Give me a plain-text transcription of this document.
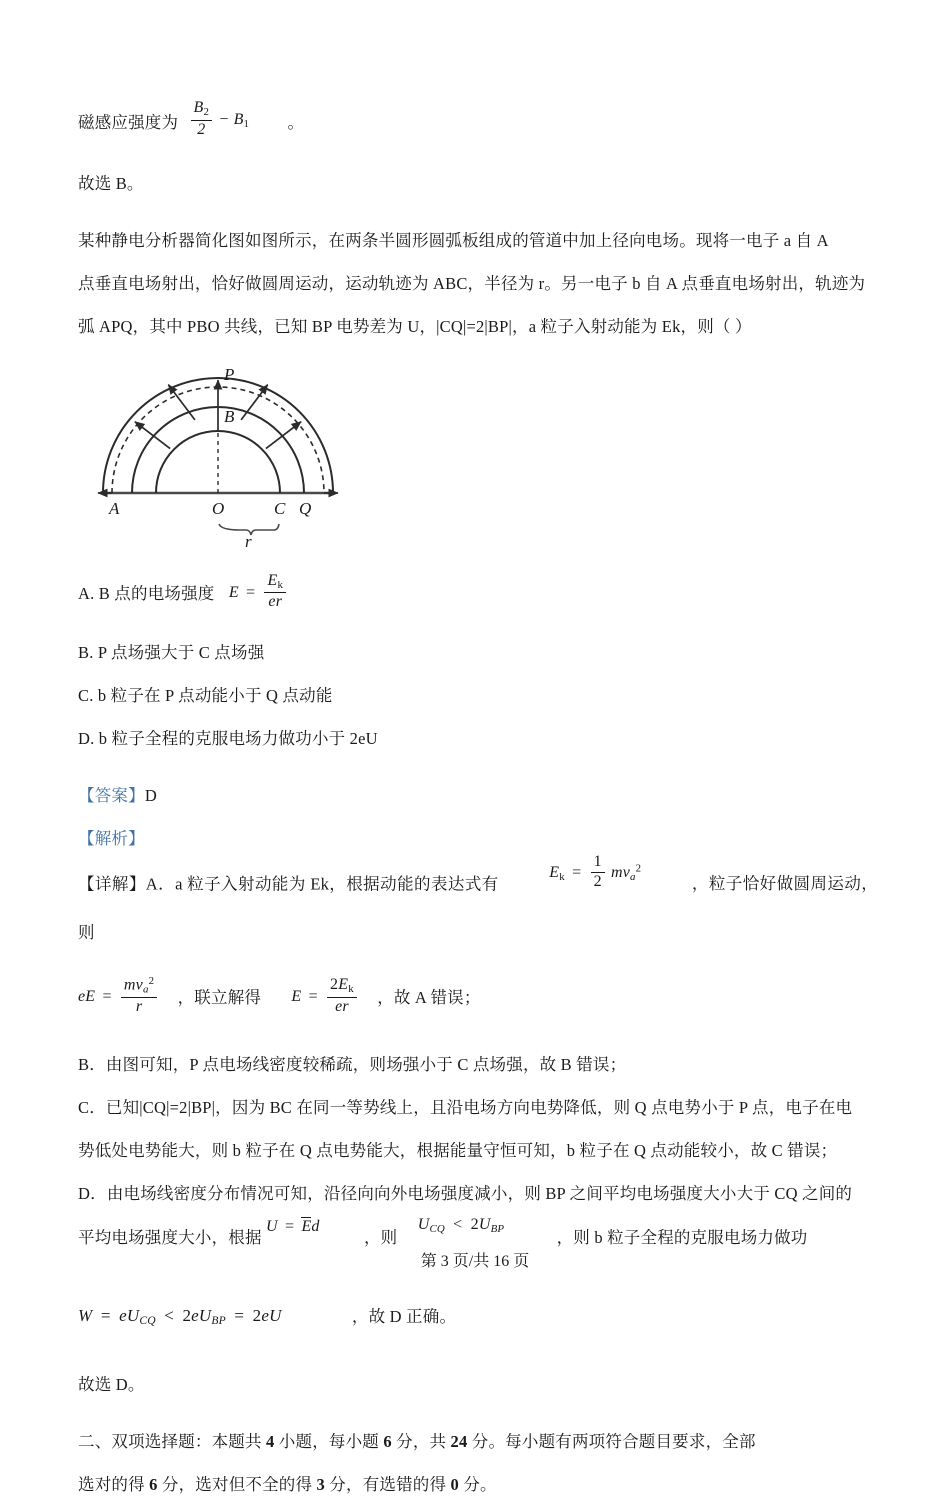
磁感应强度为 $\frac{B_2}{2} - B_1$ 。
故选 B。
某种静电分析器简化图如图所示，在两条半圆形圆弧板组成的管道中加上径向电场。现将一电子 a 自 A
点垂直电场射出，恰好做圆周运动，运动轨迹为 ABC，半径为 r。另一电子 b 自 A 点垂直电场射出，轨迹为
弧 APQ，其中 PBO 共线，已知 BP 电势差为 U，|CQ|=2|BP|，a 粒子入射动能为 Ek，则（ ）
P
B
A	O	C Q
r
A. B 点的电场强度 $E = \frac{E_k}{er}$
B. P 点场强大于 C 点场强
C. b 粒子在 P 点动能小于 Q 点动能
D. b 粒子全程的克服电场力做功小于 2eU
【答案】D
【解析】
【详解】A．a 粒子入射动能为 Ek，根据动能的表达式有 $E_k = \frac{1}{2} mv_a^2$ ，粒子恰好做圆周运动，则
eE = $\frac{mv_a^2}{r}$ ，联立解得 $E = \frac{2E_k}{er}$ ，故 A 错误；
B．由图可知，P 点电场线密度较稀疏，则场强小于 C 点场强，故 B 错误；
C．已知|CQ|=2|BP|，因为 BC 在同一等势线上，且沿电场方向电势降低，则 Q 点电势小于 P 点，电子在电
势低处电势能大，则 b 粒子在 Q 点电势能大，根据能量守恒可知，b 粒子在 Q 点动能较小，故 C 错误；
D．由电场线密度分布情况可知，沿径向向外电场强度减小，则 BP 之间平均电场强度大小大于 CQ 之间的
平均电场强度大小，根据 U = Ed ，则 $U_{CQ} < 2U_{BP}$	，则 b 粒子全程的克服电场力做功
$W = eU_{CQ} < 2eU_{BP} = 2eU$	，故 D 正确。
故选 D。
二、双项选择题：本题共 4 小题，每小题 6 分，共 24 分。每小题有两项符合题目要求，全部
选对的得 6 分，选对但不全的得 3 分，有选错的得 0 分。
第 3 页/共 16 页
